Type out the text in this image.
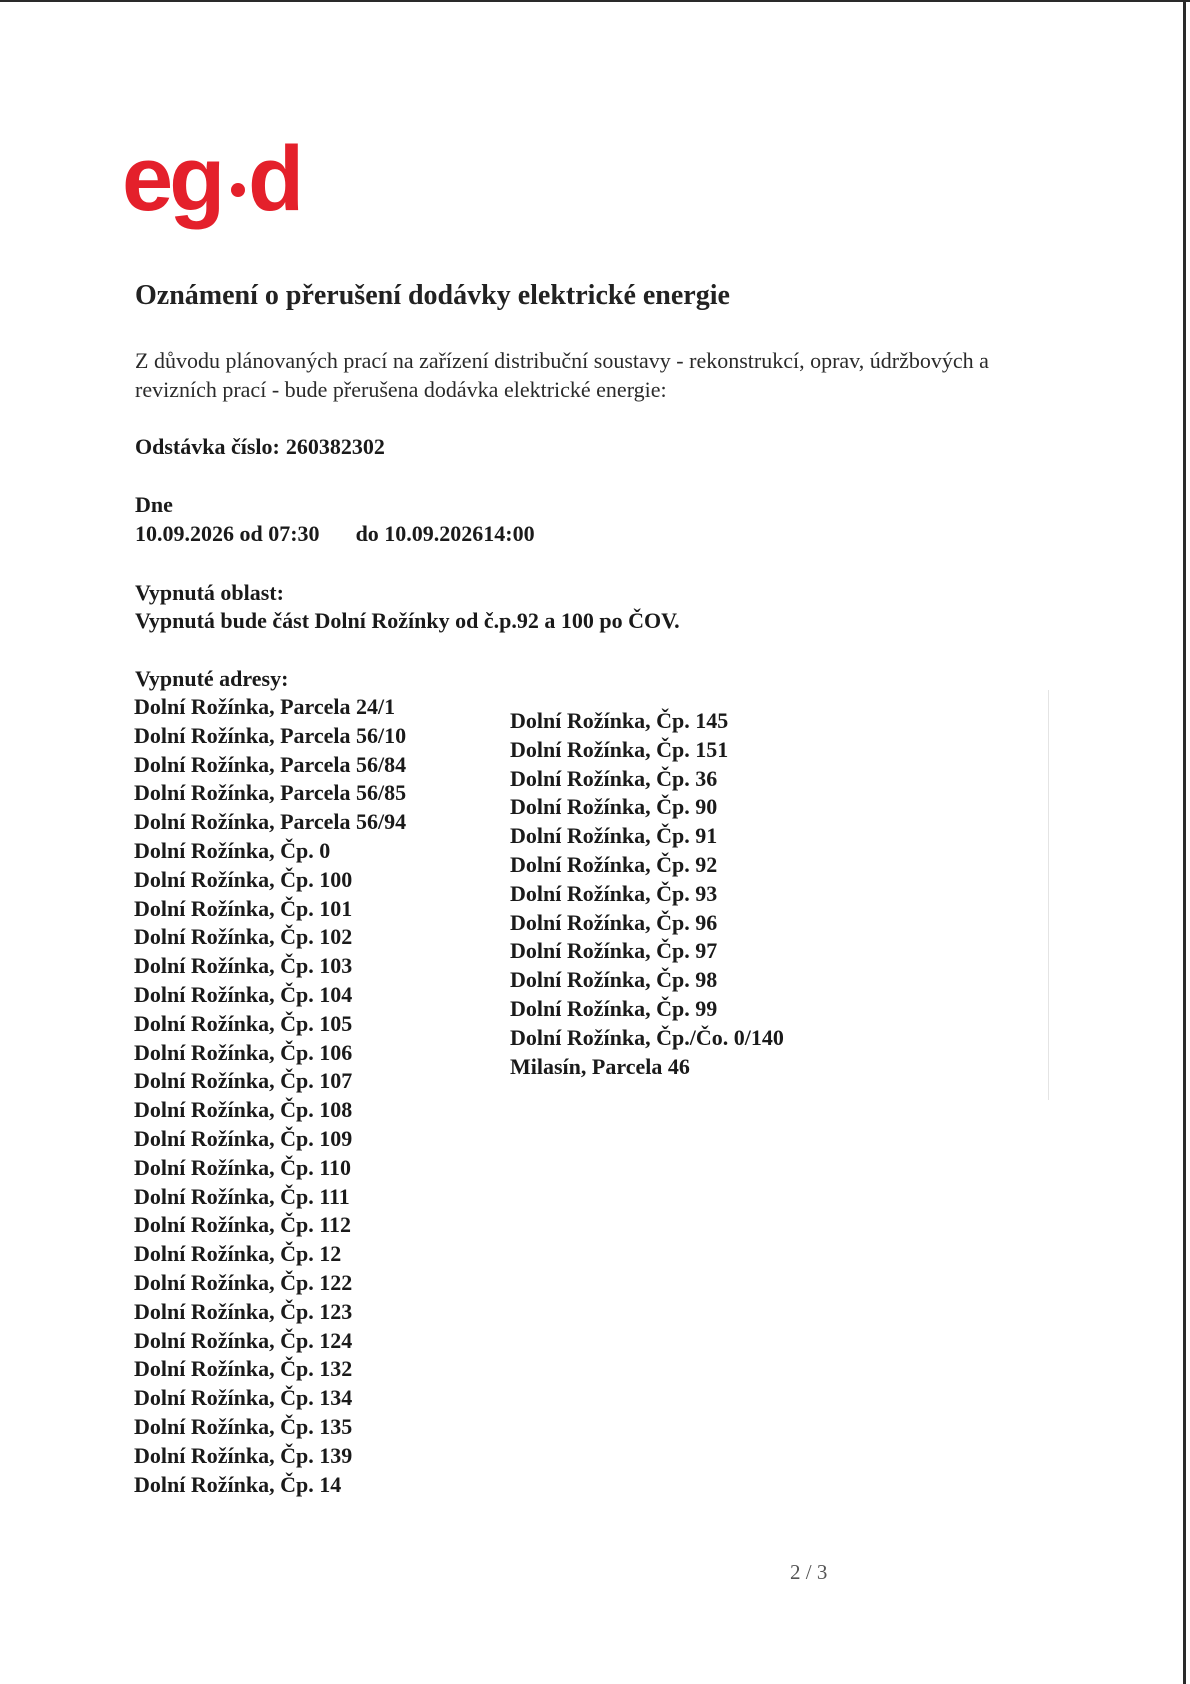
eg d
Oznámení o přerušení dodávky elektrické energie
Z důvodu plánovaných prací na zařízení distribuční soustavy - rekonstrukcí, oprav, údržbových a revizních prací - bude přerušena dodávka elektrické energie:
Odstávka číslo: 260382302
Dne
10.09.2026 od 07:30 do 10.09.202614:00
Vypnutá oblast:
Vypnutá bude část Dolní Rožínky od č.p.92 a 100 po ČOV.
Vypnuté adresy:
Dolní Rožínka, Parcela 24/1
Dolní Rožínka, Parcela 56/10
Dolní Rožínka, Parcela 56/84
Dolní Rožínka, Parcela 56/85
Dolní Rožínka, Parcela 56/94
Dolní Rožínka, Čp. 0
Dolní Rožínka, Čp. 100
Dolní Rožínka, Čp. 101
Dolní Rožínka, Čp. 102
Dolní Rožínka, Čp. 103
Dolní Rožínka, Čp. 104
Dolní Rožínka, Čp. 105
Dolní Rožínka, Čp. 106
Dolní Rožínka, Čp. 107
Dolní Rožínka, Čp. 108
Dolní Rožínka, Čp. 109
Dolní Rožínka, Čp. 110
Dolní Rožínka, Čp. 111
Dolní Rožínka, Čp. 112
Dolní Rožínka, Čp. 12
Dolní Rožínka, Čp. 122
Dolní Rožínka, Čp. 123
Dolní Rožínka, Čp. 124
Dolní Rožínka, Čp. 132
Dolní Rožínka, Čp. 134
Dolní Rožínka, Čp. 135
Dolní Rožínka, Čp. 139
Dolní Rožínka, Čp. 14
Dolní Rožínka, Čp. 145
Dolní Rožínka, Čp. 151
Dolní Rožínka, Čp. 36
Dolní Rožínka, Čp. 90
Dolní Rožínka, Čp. 91
Dolní Rožínka, Čp. 92
Dolní Rožínka, Čp. 93
Dolní Rožínka, Čp. 96
Dolní Rožínka, Čp. 97
Dolní Rožínka, Čp. 98
Dolní Rožínka, Čp. 99
Dolní Rožínka, Čp./Čo. 0/140
Milasín, Parcela 46
2 / 3
